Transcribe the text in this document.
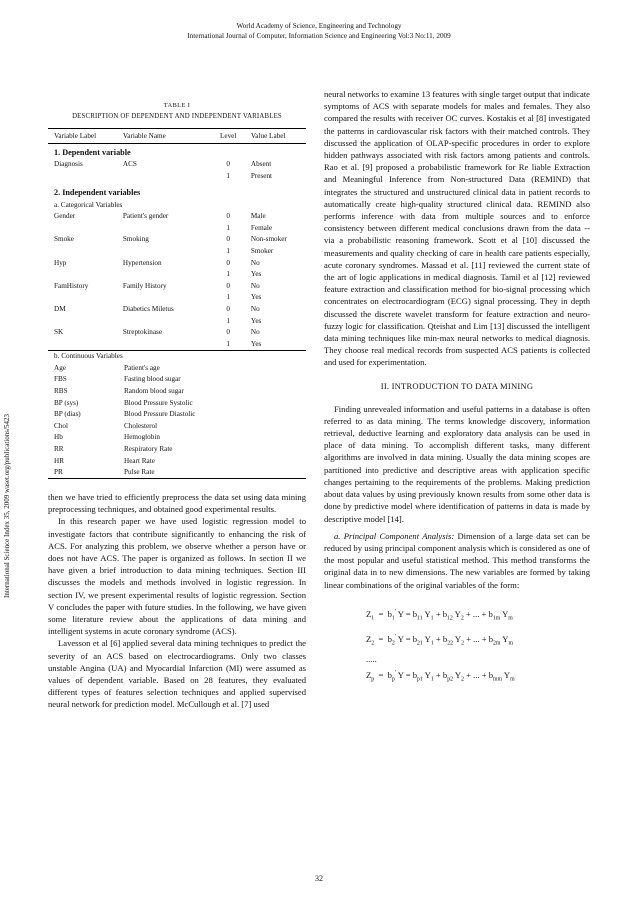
World Academy of Science, Engineering and Technology
International Journal of Computer, Information Science and Engineering Vol:3 No:11, 2009
International Science Index 35, 2009 waset.org/publications/5423
TABLE I
DESCRIPTION OF DEPENDENT AND INDEPENDENT VARIABLES
Variable Label	Variable Name	Level	Value Label
1. Dependent variable
Diagnosis	ACS	0	Absent
1	Present
2. Independent variables
a. Categorical Variables
Gender	Patient's gender	0	Male
1	Female
Smoke	Smoking	0	Non-smoker
1	Smoker
Hyp	Hypertension	0	No
1	Yes
FamHistory	Family History	0	No
1	Yes
DM	Diabetics Miletus	0	No
1	Yes
SK	Streptokinase	0	No
1	Yes
b. Continuous Variables
Age	Patient's age
FBS	Fasting blood sugar
RBS	Random blood sugar
BP (sys)	Blood Pressure Systolic
BP (dias)	Blood Pressure Diastolic
Chol	Cholesterol
Hb	Hemoglobin
RR	Respiratory Rate
HR	Heart Rate
PR	Pulse Rate

then we have tried to efficiently preprocess the data set using data mining preprocessing techniques, and obtained good experimental results.

In this research paper we have used logistic regression model to investigate factors that contribute significantly to enhancing the risk of ACS. For analyzing this problem, we observe whether a person have or does not have ACS. The paper is organized as follows. In section II we have given a brief introduction to data mining techniques. Section III discusses the models and methods involved in logistic regression. In section IV, we present experimental results of logistic regression. Section V concludes the paper with future studies. In the following, we have given some literature review about the applications of data mining and intelligent systems in acute coronary syndrome (ACS).

Lavesson et al [6] applied several data mining techniques to predict the severity of an ACS based on electrocardiograms. Only two classes unstable Angina (UA) and Myocardial Infarction (MI) were assumed as values of dependent variable. Based on 28 features, they evaluated different types of features selection techniques and applied supervised neural network for prediction model. McCullough et al. [7] used

neural networks to examine 13 features with single target output that indicate symptoms of ACS with separate models for males and females. They also compared the results with receiver OC curves. Kostakis et al [8] investigated the patterns in cardiovascular risk factors with their matched controls. They discussed the application of OLAP-specific procedures in order to explore hidden pathways associated with risk factors among patients and controls. Rao et al. [9] proposed a probabilistic framework for Re liable Extraction and Meaningful Inference from Non-structured Data (REMIND) that integrates the structured and unstructured clinical data in patient records to automatically create high-quality structured clinical data. REMIND also performs inference with data from multiple sources and to enforce consistency between different medical conclusions drawn from the data -- via a probabilistic reasoning framework. Scott et al [10] discussed the measurements and quality checking of care in health care patients especially, acute coronary syndromes. Massad et al. [11] reviewed the current state of the art of logic applications in medical diagnosis. Tamil et al [12] reviewed feature extraction and classification method for bio-signal processing which concentrates on electrocardiogram (ECG) signal processing. They in depth discussed the discrete wavelet transform for feature extraction and neuro-fuzzy logic for classification. Qteishat and Lim [13] discussed the intelligent data mining techniques like min-max neural networks to medical diagnosis. They choose real medical records from suspected ACS patients is collected and used for experimentation.

II. INTRODUCTION TO DATA MINING

Finding unrevealed information and useful patterns in a database is often referred to as data mining. The terms knowledge discovery, information retrieval, deductive learning and exploratory data analysis can be used in place of data mining. To accomplish different tasks, many different algorithms are involved in data mining. Usually the data mining scopes are partitioned into predictive and descriptive areas with application specific changes pertaining to the requirements of the problems. Making prediction about data values by using previously known results from some other data is done by predictive model where identification of patterns in data is made by descriptive model [14].

a. Principal Component Analysis: Dimension of a large data set can be reduced by using principal component analysis which is considered as one of the most popular and useful statistical method. This method transforms the original data in to new dimensions. The new variables are formed by taking linear combinations of the original variables of the form:

$Z_1 = b_1'$ $Y = b_{11}$ $Y_1 + b_{12}$ $Y_2$ + ... + $b_{1m}$ $Y_m$
$Z_2 = b_2'$ $Y = b_{21}$ $Y_1 + b_{22}$ $Y_2$ + ... + $b_{2m}$ $Y_m$
.....
$Z_p = b_p'$ $Y = b_{p1}$ $Y_1 + b_{p2}$ $Y_2$ + ... + $b_{mm}$ $Y_m$
32
